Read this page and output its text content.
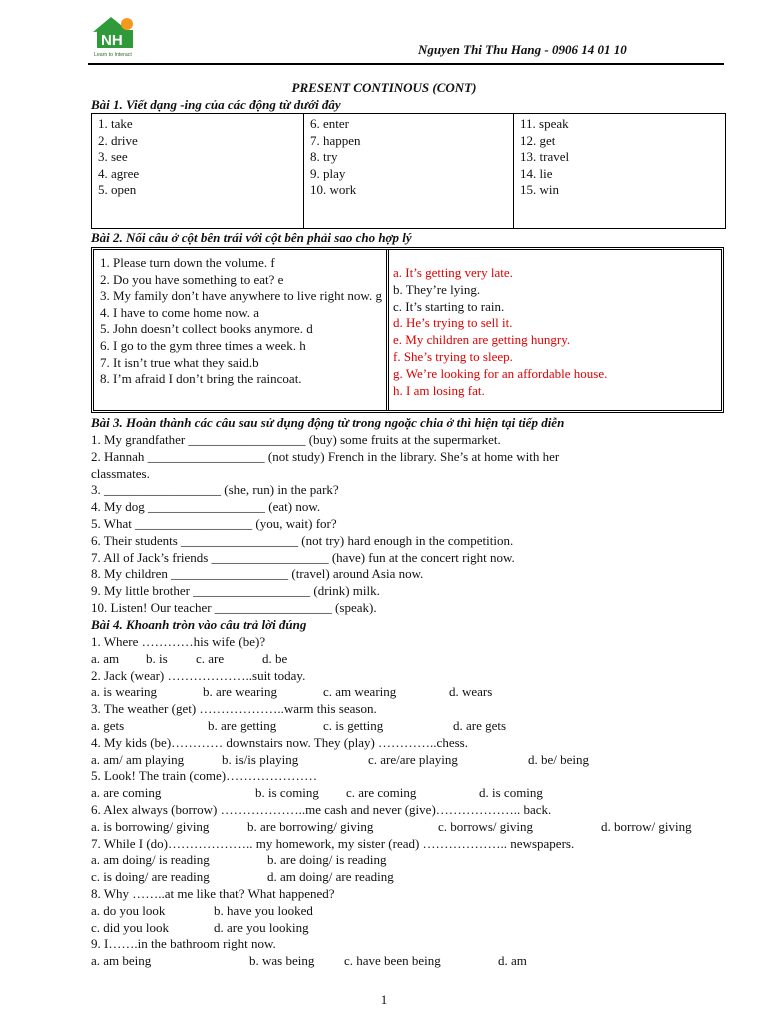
NH
Learn to Interact	Nguyen Thi Thu Hang - 0906 14 01 10
PRESENT CONTINOUS (CONT)
Bài 1. Viết dạng -ing của các động từ dưới đây
1. take
2. drive
3. see
4. agree
5. open
6. enter
7. happen
8. try
9. play
10. work
11. speak
12. get
13. travel
14. lie
15. win
Bài 2. Nối câu ở cột bên trái với cột bên phải sao cho hợp lý
1. Please turn down the volume. f
2. Do you have something to eat? e
3. My family don’t have anywhere to live right now. g
4. I have to come home now. a
5. John doesn’t collect books anymore. d
6. I go to the gym three times a week. h
7. It isn’t true what they said.b
8. I’m afraid I don’t bring the raincoat.
a. It’s getting very late.
b. They’re lying.
c. It’s starting to rain.
d. He’s trying to sell it.
e. My children are getting hungry.
f. She’s trying to sleep.
g. We’re looking for an affordable house.
h. I am losing fat.
Bài 3. Hoàn thành các câu sau sử dụng động từ trong ngoặc chia ở thì hiện tại tiếp diễn
1. My grandfather __________________ (buy) some fruits at the supermarket.
2. Hannah __________________ (not study) French in the library. She’s at home with her
classmates.
3. __________________ (she, run) in the park?
4. My dog __________________ (eat) now.
5. What __________________ (you, wait) for?
6. Their students __________________ (not try) hard enough in the competition.
7. All of Jack’s friends __________________ (have) fun at the concert right now.
8. My children __________________ (travel) around Asia now.
9. My little brother __________________ (drink) milk.
10. Listen! Our teacher __________________ (speak).
Bài 4. Khoanh tròn vào câu trả lời đúng
1. Where …………his wife (be)?
a. am b. is c. are	d. be
2. Jack (wear) ………………..suit today.
a. is wearing	b. are wearing	c. am wearing	d. wears
3. The weather (get) ………………..warm this season.
a. gets	b. are getting	c. is getting	d. are gets
4. My kids (be)………… downstairs now. They (play) …………..chess.
a. am/ am playing	b. is/is playing	c. are/are playing	d. be/ being
5. Look! The train (come)…………………
a. are coming	b. is coming c. are coming	d. is coming
6. Alex always (borrow) ………………..me cash and never (give)……………….. back.
a. is borrowing/ giving	b. are borrowing/ giving	c. borrows/ giving	d. borrow/ giving
7. While I (do)……………….. my homework, my sister (read) ……………….. newspapers.
a. am doing/ is reading	b. are doing/ is reading
c. is doing/ are reading	d. am doing/ are reading
8. Why ……..at me like that? What happened?
a. do you look	b. have you looked
c. did you look	d. are you looking
9. I…….in the bathroom right now.
a. am being	b. was being c. have been being	d. am
1
